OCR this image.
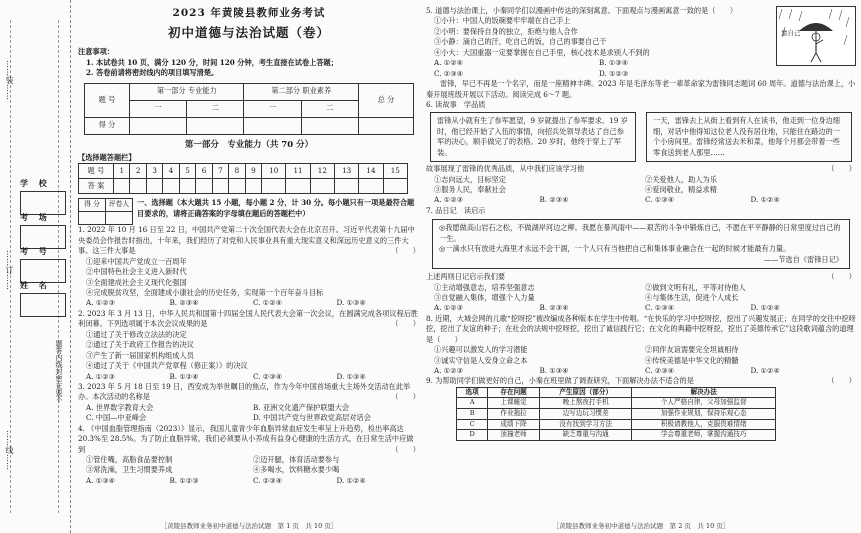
……装……
……订……
……线……
学 校
考 场
考 号
姓 名
题答内线封密在要不
2023 年黄陵县教师业务考试
初中道德与法治试题（卷）
注意事项：
1. 本试卷共 10 页，满分 120 分，时间 120 分钟，考生直接在试卷上答题；
2. 答卷前请将密封线内的项目填写清楚。
题 号	第一部分 专业能力		第二部分 职业素养		总 分
	一	二	一	二	
得 分					
第一部分　专业能力（共 70 分）
【选择题答题栏】
题 号	1	2	3	4	5	6	7	8	9	10	11	12	13	14	15
答 案															
得 分	评卷人
	一、选择题（本大题共 15 小题，每小题 2 分，计 30 分。每小题只有一项是最符合题目要求的，请将正确答案的字母填在题后的答题栏中）
1. 2022 年 10 月 16 日至 22 日，中国共产党第二十次全国代表大会在北京召开。习近平代表第十九届中央委员会作报告时指出，十年来，我们经历了对党和人民事业具有重大现实意义和深远历史意义的三件大事。这三件大事是	（　　）
①迎来中国共产党成立一百周年
②中国特色社会主义进入新时代
③全面建成社会主义现代化强国
④完成脱贫攻坚，全面建成小康社会的历史任务，实现第一个百年奋斗目标
A. ①②③	B. ②③④	C. ①②④	D. ①③④
2. 2023 年 3 月 13 日，中华人民共和国第十四届全国人民代表大会第一次会议，在圆满完成各项议程后胜利闭幕。下列选项属于本次会议成果的是	（　　）
①通过了关于修改立法法的决定
②通过了关于政府工作报告的决议
③产生了新一届国家机构组成人员
④通过了关于《中国共产党章程（修正案）》的决议
A. ①②③	B. ①②④	C. ②③④	D. ①③④
3. 2023 年 5 月 18 日至 19 日，西安成为举世瞩目的焦点，作为今年中国首场重大主场外交活动在此举办。本次活动的名称是	（　　）
A. 世界数字教育大会	B. 亚洲文化遗产保护联盟大会
C. 中国—中亚峰会	D. 中国共产党与世界政党高层对话会
4. 《中国血脂管理指南（2023）》显示，我国儿童青少年血脂异常血症发生率呈上升趋势，检出率高达 20.3%至 28.5%。为了防止血脂异常，我们必须要从小养成有益身心健康的生活方式，在日常生活中应做到	（　　）
①管住嘴，高脂食品要控制	②迈开腿，体育活动要参与
③常洗澡，卫生习惯要养成	④多喝水，饮料糖水要少喝
A. ①③④	B. ①②③	C. ②③④	D. ①②④
［黄陵县教师业务初中道德与法治试题　第 1 页　共 10 页］
靠自己
5. 道德与法治课上，小秦同学们以漫画中传达的深刻寓意。下面观点与漫画寓意一致的是（　　）
①小升：中国人的饭碗要牢牢端在自己手上
②小明：要保持自身的独立，拒绝与他人合作
③小静：滴自己的汗，吃自己的饭，自己的事要自己干
④小大：大国重器一定要掌握在自己手里，核心技术是求别人不到的
A. ①②④	B. ①③④
C. ②③④	D. ①②③
雷锋，早已不再是一个名字，而是一座精神丰碑。2023 年是毛泽东等老一辈革命家为雷锋同志题词 60 周年。道德与法治课上，小秦开展班级开展以下活动。阅读完成 6～7 题。
6. 读故事　学品质
雷锋从小就有生了参军愿望，9 岁就提出了参军要求。19 岁时，他已经开始了入伍的事情，向招兵处领导表达了自己参军的决心，顺手做完了的表格。20 岁时，他终于穿上了军装。
一天，雷锋去上从街上看到有人在读书，他走到一位身边细细，对话中他得知这位老人没有居住地，只能住在路边的一个小房间里。雷锋经常送去米和菜，他每个月都会带着一些零食送到老人那里……
故事展现了雷锋的优秀品质，从中我们应该学习他	（　　）
①志向远大，目标坚定	②关爱他人，助人为乐
③服务人民，奉献社会	④爱岗敬业，精益求精
A. ①②③	B. ②③④	C. ①③④	D. ①②④
7. 品日记　读启示
◎我愿做高山岩石之松，不做湖岸河边之柳。我愿在暴风雨中——艰苦的斗争中锻炼自己，不愿在平平静静的日常里度过自己的一生。
◎一滴水只有放进大海里才永远不会干涸，一个人只有当他把自己和集体事业融合在一起的时候才能最有力量。
——节选自《雷锋日记》
上述两则日记启示我们要	（　　）
①主动增强意志，培养坚强意志	②做到文明有礼，平等对待他人
③自觉融入集体，增强个人力量	④与集体生活，促进个人成长
A. ①②③	B. ②③④	C. ①③④	D. ①②④
8. 近期，大城会网的儿歌“挖呀挖”被改编成各种版本在学生中传唱。“在快乐的学习中挖呀挖，挖出了兴趣发展正；在同学的交往中挖呀挖，挖出了友谊的种子；在社会的法规中挖呀挖，挖出了诚信践行它；在文化的典籍中挖呀挖，挖出了美德传承它”这段歌词蕴含的道理是（　　）
①兴趣可以激发人的学习潜能	②同伴友谊需要完全坦诚相待
③诚实守信是人安身立命之本	④传统美德是中华文化的精髓
A. ①②③	B. ①③④	C. ②③④	D. ①②④
9. 为帮助同学们做更好的自己，小秦在班里做了调查研究，下面解决办法不适合的是	（　　）
选项	存在问题	产生原因（部分）	解决办法
A	上课睡觉	晚上熬夜打手机	个人严格自律，父母加强监督
B	作业拖拉	边写边玩习惯差	加强作业规划，保持乐观心态
C	成绩下降	没有找到学习方法	积极请教他人，克服畏难情绪
D	顶撞老师	缺乏尊重与沟通	学会尊重老师，掌握沟通技巧
［黄陵县教师业务初中道德与法治试题　第 2 页　共 10 页］
